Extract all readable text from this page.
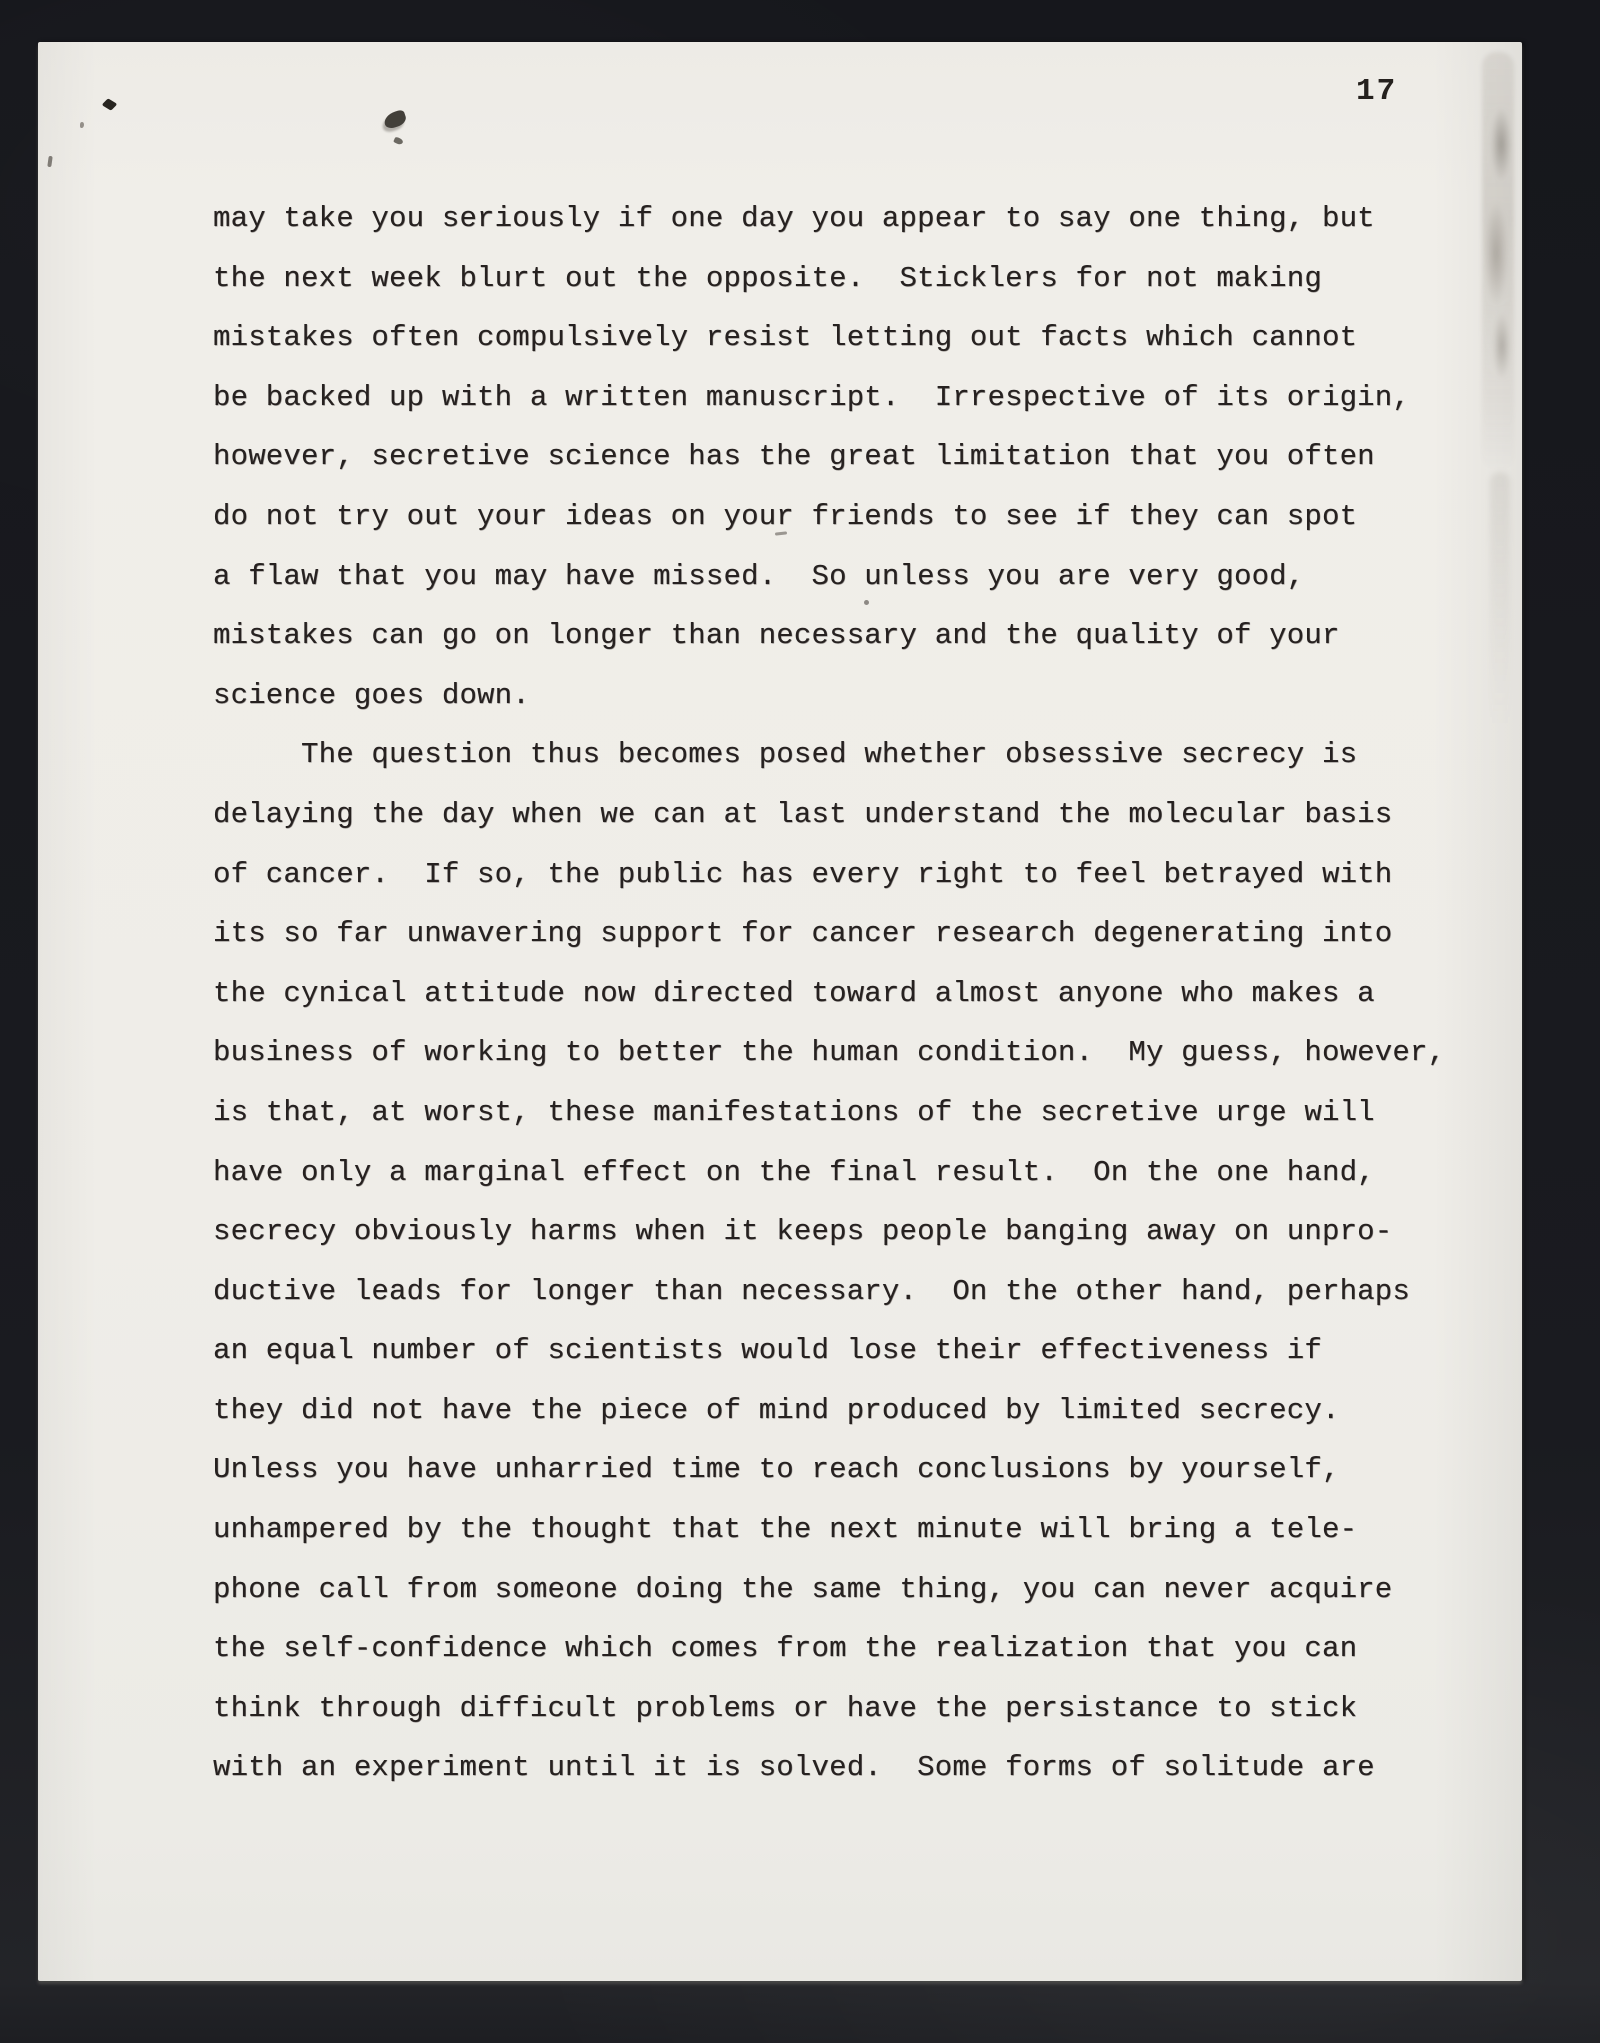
17
may take you seriously if one day you appear to say one thing, but
the next week blurt out the opposite.  Sticklers for not making
mistakes often compulsively resist letting out facts which cannot
be backed up with a written manuscript.  Irrespective of its origin,
however, secretive science has the great limitation that you often
do not try out your ideas on your friends to see if they can spot
a flaw that you may have missed.  So unless you are very good,
mistakes can go on longer than necessary and the quality of your
science goes down.
The question thus becomes posed whether obsessive secrecy is
delaying the day when we can at last understand the molecular basis
of cancer.  If so, the public has every right to feel betrayed with
its so far unwavering support for cancer research degenerating into
the cynical attitude now directed toward almost anyone who makes a
business of working to better the human condition.  My guess, however,
is that, at worst, these manifestations of the secretive urge will
have only a marginal effect on the final result.  On the one hand,
secrecy obviously harms when it keeps people banging away on unpro-
ductive leads for longer than necessary.  On the other hand, perhaps
an equal number of scientists would lose their effectiveness if
they did not have the piece of mind produced by limited secrecy.
Unless you have unharried time to reach conclusions by yourself,
unhampered by the thought that the next minute will bring a tele-
phone call from someone doing the same thing, you can never acquire
the self-confidence which comes from the realization that you can
think through difficult problems or have the persistance to stick
with an experiment until it is solved.  Some forms of solitude are
